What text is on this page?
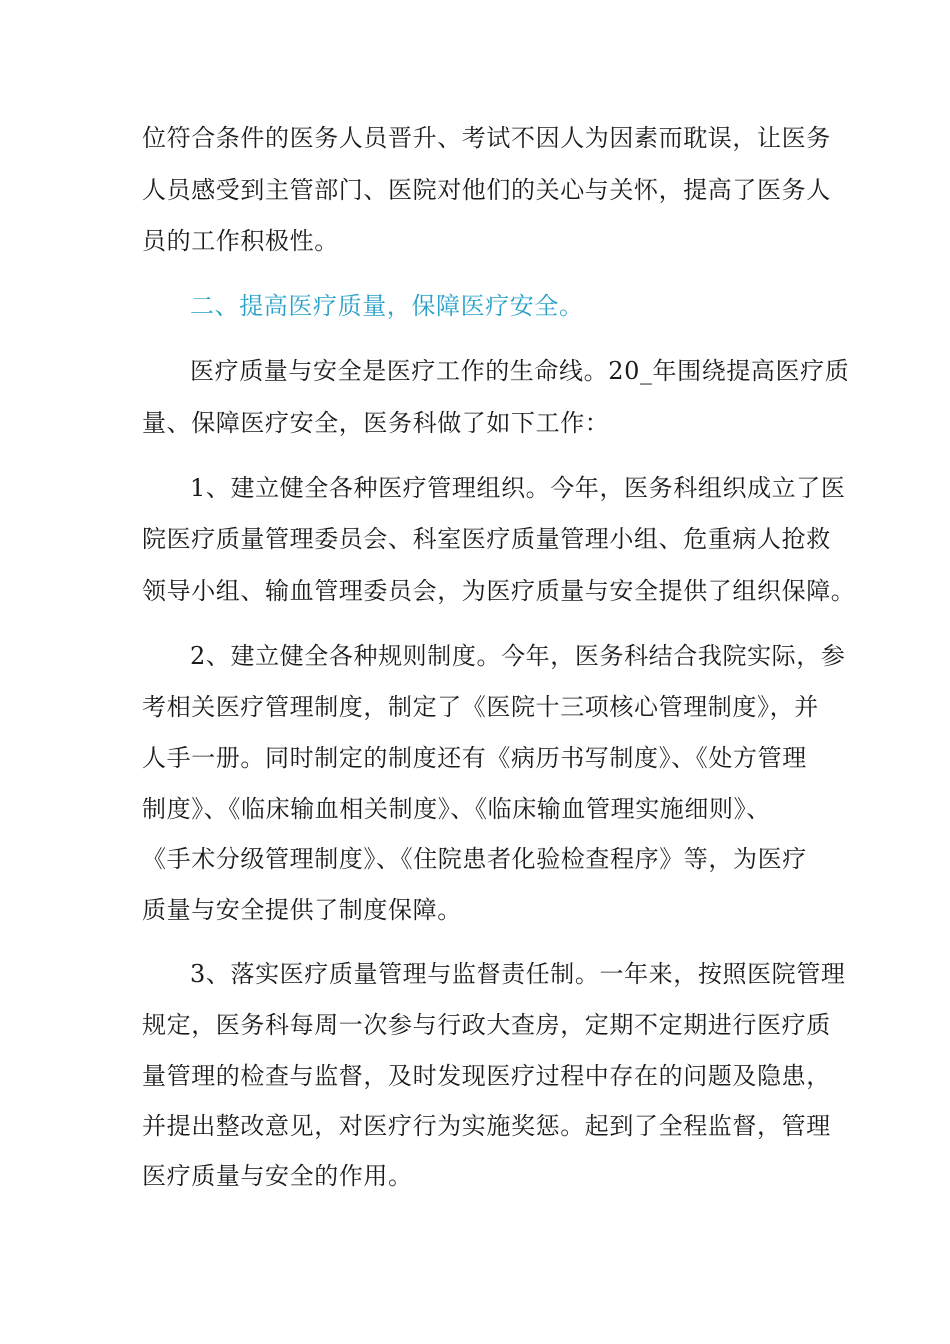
位符合条件的医务人员晋升、考试不因人为因素而耽误，让医务
人员感受到主管部门、医院对他们的关心与关怀，提高了医务人
员的工作积极性。
二、提高医疗质量，保障医疗安全。
医疗质量与安全是医疗工作的生命线。20_年围绕提高医疗质
量、保障医疗安全，医务科做了如下工作：
1、建立健全各种医疗管理组织。今年，医务科组织成立了医
院医疗质量管理委员会、科室医疗质量管理小组、危重病人抢救
领导小组、输血管理委员会，为医疗质量与安全提供了组织保障。
2、建立健全各种规则制度。今年，医务科结合我院实际，参
考相关医疗管理制度，制定了《医院十三项核心管理制度》，并
人手一册。同时制定的制度还有《病历书写制度》、《处方管理
制度》、《临床输血相关制度》、《临床输血管理实施细则》、
《手术分级管理制度》、《住院患者化验检查程序》等，为医疗
质量与安全提供了制度保障。
3、落实医疗质量管理与监督责任制。一年来，按照医院管理
规定，医务科每周一次参与行政大查房，定期不定期进行医疗质
量管理的检查与监督，及时发现医疗过程中存在的问题及隐患，
并提出整改意见，对医疗行为实施奖惩。起到了全程监督，管理
医疗质量与安全的作用。
